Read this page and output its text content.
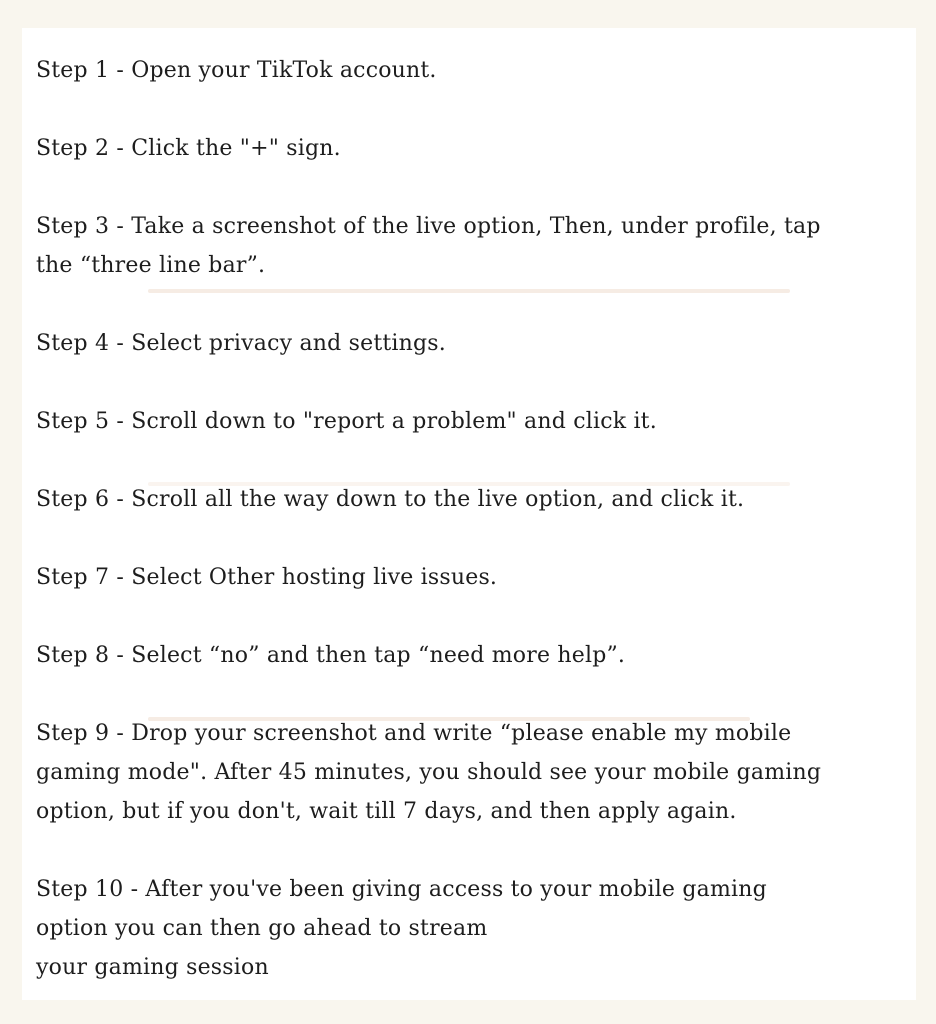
Step 1 - Open your TikTok account.

Step 2 - Click the "+" sign.

Step 3 - Take a screenshot of the live option, Then, under profile, tap
the “three line bar”.

Step 4 - Select privacy and settings.

Step 5 - Scroll down to "report a problem" and click it.

Step 6 - Scroll all the way down to the live option, and click it.

Step 7 - Select Other hosting live issues.

Step 8 - Select “no” and then tap “need more help”.

Step 9 - Drop your screenshot and write “please enable my mobile
gaming mode". After 45 minutes, you should see your mobile gaming
option, but if you don't, wait till 7 days, and then apply again.

Step 10 - After you've been giving access to your mobile gaming
option you can then go ahead to stream
your gaming session
